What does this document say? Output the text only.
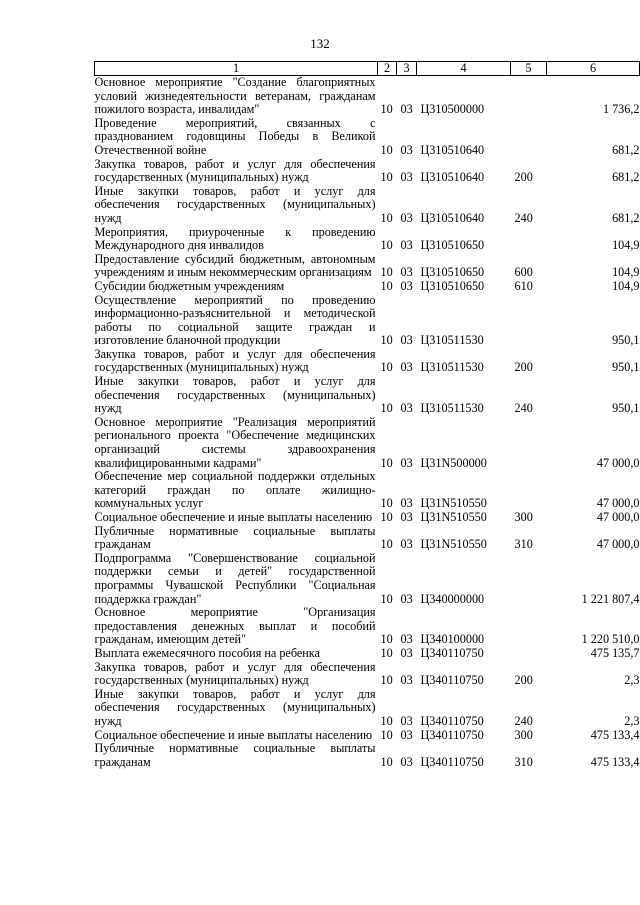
132
1	2	3	4	5	6
Основное мероприятие "Создание благоприятных условий жизнедеятельности ветеранам, гражданам пожилого возраста, инвалидам"	10	03	Ц310500000		1 736,2
Проведение мероприятий, связанных с празднованием годовщины Победы в Великой Отечественной войне	10	03	Ц310510640		681,2
Закупка товаров, работ и услуг для обеспечения государственных (муниципальных) нужд	10	03	Ц310510640	200	681,2
Иные закупки товаров, работ и услуг для обеспечения государственных (муниципальных) нужд	10	03	Ц310510640	240	681,2
Мероприятия, приуроченные к проведению Международного дня инвалидов	10	03	Ц310510650		104,9
Предоставление субсидий бюджетным, автономным учреждениям и иным некоммерческим организациям	10	03	Ц310510650	600	104,9
Субсидии бюджетным учреждениям	10	03	Ц310510650	610	104,9
Осуществление мероприятий по проведению информационно-разъяснительной и методической работы по социальной защите граждан и изготовление бланочной продукции	10	03	Ц310511530		950,1
Закупка товаров, работ и услуг для обеспечения государственных (муниципальных) нужд	10	03	Ц310511530	200	950,1
Иные закупки товаров, работ и услуг для обеспечения государственных (муниципальных) нужд	10	03	Ц310511530	240	950,1
Основное мероприятие "Реализация мероприятий регионального проекта "Обеспечение медицинских организаций системы здравоохранения квалифицированными кадрами"	10	03	Ц31N500000		47 000,0
Обеспечение мер социальной поддержки отдельных категорий граждан по оплате жилищно-коммунальных услуг	10	03	Ц31N510550		47 000,0
Социальное обеспечение и иные выплаты населению	10	03	Ц31N510550	300	47 000,0
Публичные нормативные социальные выплаты гражданам	10	03	Ц31N510550	310	47 000,0
Подпрограмма "Совершенствование социальной поддержки семьи и детей" государственной программы Чувашской Республики "Социальная поддержка граждан"	10	03	Ц340000000		1 221 807,4
Основное мероприятие "Организация предоставления денежных выплат и пособий гражданам, имеющим детей"	10	03	Ц340100000		1 220 510,0
Выплата ежемесячного пособия на ребенка	10	03	Ц340110750		475 135,7
Закупка товаров, работ и услуг для обеспечения государственных (муниципальных) нужд	10	03	Ц340110750	200	2,3
Иные закупки товаров, работ и услуг для обеспечения государственных (муниципальных) нужд	10	03	Ц340110750	240	2,3
Социальное обеспечение и иные выплаты населению	10	03	Ц340110750	300	475 133,4
Публичные нормативные социальные выплаты гражданам	10	03	Ц340110750	310	475 133,4
